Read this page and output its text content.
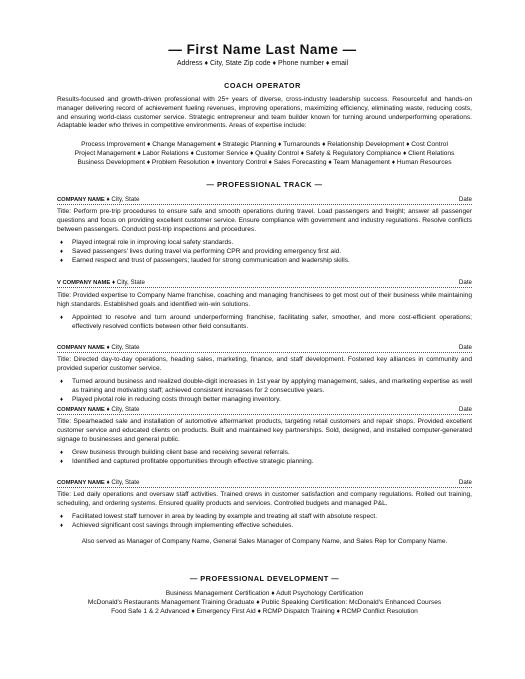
— First Name Last Name —
Address ♦ City, State Zip code ♦ Phone number ♦ email
COACH OPERATOR
Results-focused and growth-driven professional with 25+ years of diverse, cross-industry leadership success. Resourceful and hands-on manager delivering record of achievement fueling revenues, improving operations, maximizing efficiency, eliminating waste, reducing costs, and ensuring world-class customer service. Strategic entrepreneur and team builder known for turning around underperforming operations. Adaptable leader who thrives in competitive environments. Areas of expertise include:
Process Improvement ♦ Change Management ♦ Strategic Planning ♦ Turnarounds ♦ Relationship Development ♦ Cost Control
Project Management ♦ Labor Relations ♦ Customer Service ♦ Quality Control ♦ Safety & Regulatory Compliance ♦ Client Relations
Business Development ♦ Problem Resolution ♦ Inventory Control ♦ Sales Forecasting ♦ Team Management ♦ Human Resources
— PROFESSIONAL TRACK —
COMPANY NAME ♦ City, State	Date
Title: Perform pre-trip procedures to ensure safe and smooth operations during travel. Load passengers and freight; answer all passenger questions and focus on providing excellent customer service. Ensure compliance with government and industry regulations. Resolve conflicts between passengers. Conduct post-trip inspections and procedures.
♦ Played integral role in improving local safety standards.
♦ Saved passengers' lives during travel via performing CPR and providing emergency first aid.
♦ Earned respect and trust of passengers; lauded for strong communication and leadership skills.
V COMPANY NAME ♦ City, State	Date
Title: Provided expertise to Company Name franchise, coaching and managing franchisees to get most out of their business while maintaining high standards. Established goals and identified win-win solutions.
♦ Appointed to resolve and turn around underperforming franchise, facilitating safer, smoother, and more cost-efficient operations; effectively resolved conflicts between other field consultants.
COMPANY NAME ♦ City, State	Date
Title: Directed day-to-day operations, heading sales, marketing, finance, and staff development. Fostered key alliances in community and provided superior customer service.
♦ Turned around business and realized double-digit increases in 1st year by applying management, sales, and marketing expertise as well as training and motivating staff; achieved consistent increases for 2 consecutive years.
♦ Played pivotal role in reducing costs through better managing inventory.
COMPANY NAME ♦ City, State	Date
Title: Spearheaded sale and installation of automotive aftermarket products, targeting retail customers and repair shops. Provided excellent customer service and educated clients on products. Built and maintained key partnerships. Sold, designed, and installed computer-generated signage to businesses and general public.
♦ Grew business through building client base and receiving several referrals.
♦ Identified and captured profitable opportunities through effective strategic planning.
COMPANY NAME ♦ City, State	Date
Title: Led daily operations and oversaw staff activities. Trained crews in customer satisfaction and company regulations. Rolled out training, scheduling, and ordering systems. Ensured quality products and services. Controlled budgets and managed P&L.
♦ Facilitated lowest staff turnover in area by leading by example and treating all staff with absolute respect.
♦ Achieved significant cost savings through implementing effective schedules.
Also served as Manager of Company Name, General Sales Manager of Company Name, and Sales Rep for Company Name.
— PROFESSIONAL DEVELOPMENT —
Business Management Certification ♦ Adult Psychology Certification
McDonald's Restaurants Management Training Graduate ♦ Public Speaking Certification: McDonald's Enhanced Courses
Food Safe 1 & 2 Advanced ♦ Emergency First Aid ♦ RCMP Dispatch Training ♦ RCMP Conflict Resolution
